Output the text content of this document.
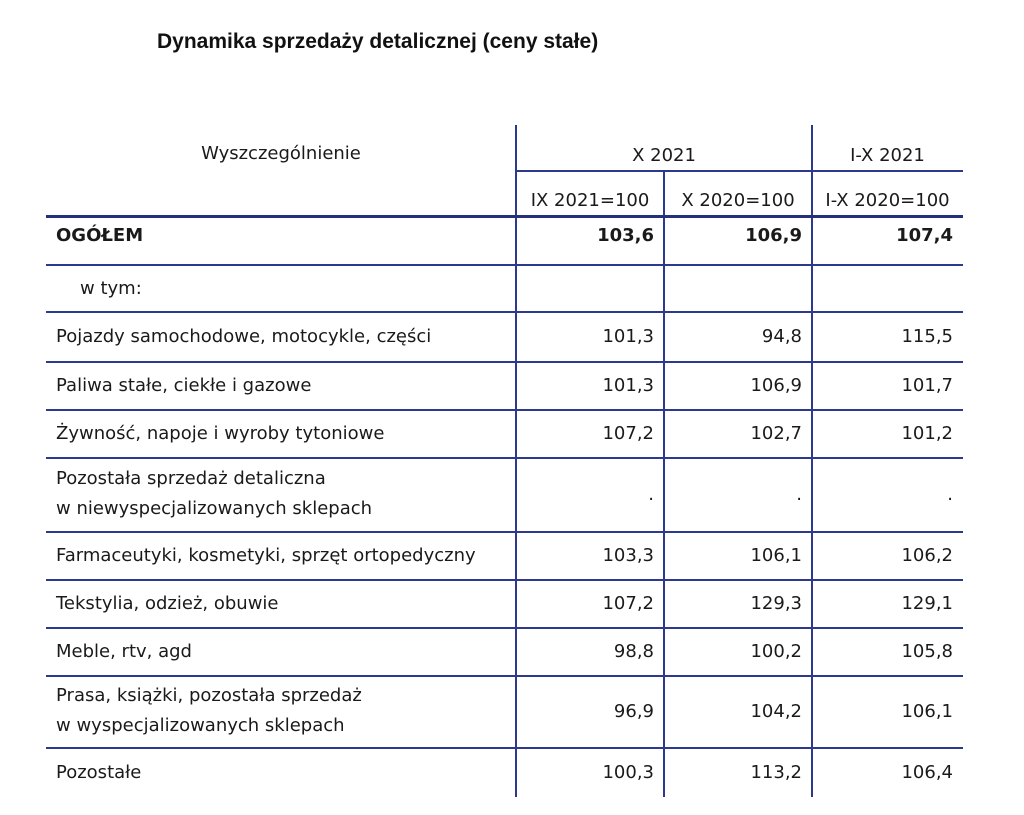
Dynamika sprzedaży detalicznej (ceny stałe)
Wyszczególnienie	X 2021	I-X 2021
IX 2021=100	X 2020=100	I-X 2020=100
OGÓŁEM	103,6	106,9	107,4
w tym:
Pojazdy samochodowe, motocykle, części	101,3	94,8	115,5
Paliwa stałe, ciekłe i gazowe	101,3	106,9	101,7
Żywność, napoje i wyroby tytoniowe	107,2	102,7	101,2
Pozostała sprzedaż detaliczna
w niewyspecjalizowanych sklepach
.	.	.
Farmaceutyki, kosmetyki, sprzęt ortopedyczny	103,3	106,1	106,2
Tekstylia, odzież, obuwie	107,2	129,3	129,1
Meble, rtv, agd	98,8	100,2	105,8
Prasa, książki, pozostała sprzedaż
w wyspecjalizowanych sklepach
96,9	104,2	106,1
Pozostałe	100,3	113,2	106,4
